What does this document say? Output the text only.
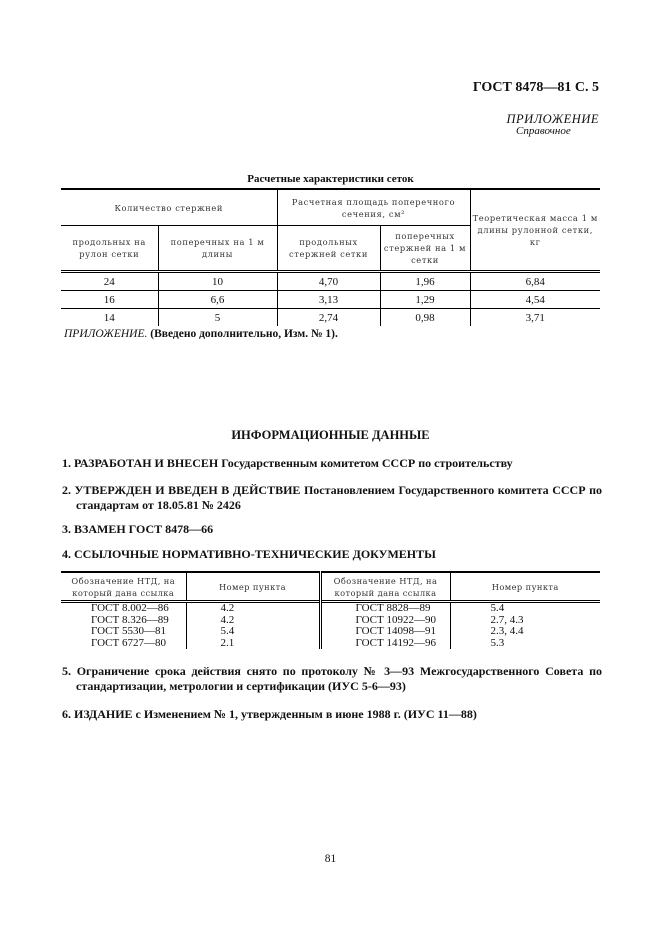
ГОСТ 8478—81 С. 5
ПРИЛОЖЕНИЕ
Справочное
Расчетные характеристики сеток
Количество стержней		Расчетная площадь поперечного сечения, см²		Теоретическая масса 1 м длины рулонной сетки, кг
продольных на рулон сетки	поперечных на 1 м длины	продольных стержней сетки	поперечных стержней на 1 м сетки	
24	10	4,70	1,96	6,84
16	6,6	3,13	1,29	4,54
14	5	2,74	0,98	3,71
ПРИЛОЖЕНИЕ. (Введено дополнительно, Изм. № 1).
ИНФОРМАЦИОННЫЕ ДАННЫЕ
1. РАЗРАБОТАН И ВНЕСЕН Государственным комитетом СССР по строительству
2. УТВЕРЖДЕН И ВВЕДЕН В ДЕЙСТВИЕ Постановлением Государственного комитета СССР по стандартам от 18.05.81 № 2426
3. ВЗАМЕН ГОСТ 8478—66
4. ССЫЛОЧНЫЕ НОРМАТИВНО-ТЕХНИЧЕСКИЕ ДОКУМЕНТЫ
Обозначение НТД, на который дана ссылка	Номер пункта	Обозначение НТД, на который дана ссылка	Номер пункта
ГОСТ 8.002—86	4.2	ГОСТ 8828—89	5.4
ГОСТ 8.326—89	4.2	ГОСТ 10922—90	2.7, 4.3
ГОСТ 5530—81	5.4	ГОСТ 14098—91	2.3, 4.4
ГОСТ 6727—80	2.1	ГОСТ 14192—96	5.3
5. Ограничение срока действия снято по протоколу № 3—93 Межгосударственного Совета по стандартизации, метрологии и сертификации (ИУС 5-6—93)
6. ИЗДАНИЕ с Изменением № 1, утвержденным в июне 1988 г. (ИУС 11—88)
81
